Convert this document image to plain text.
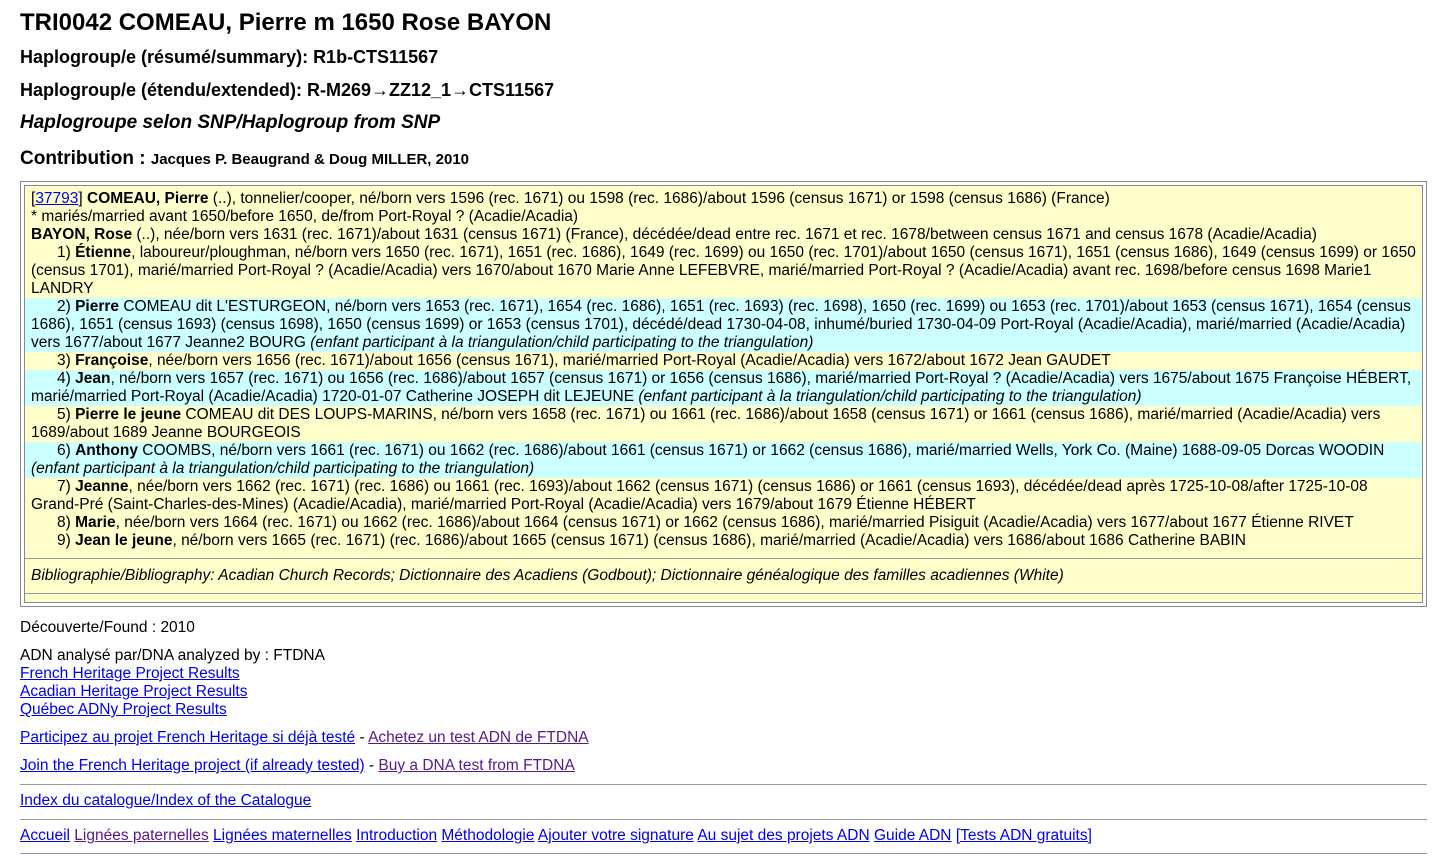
TRI0042 COMEAU, Pierre m 1650 Rose BAYON
Haplogroup/e (résumé/summary): R1b-CTS11567
Haplogroup/e (étendu/extended): R-M269→ZZ12_1→CTS11567
Haplogroupe selon SNP/Haplogroup from SNP
Contribution : Jacques P. Beaugrand & Doug MILLER, 2010
[37793] COMEAU, Pierre (..), tonnelier/cooper, né/born vers 1596 (rec. 1671) ou 1598 (rec. 1686)/about 1596 (census 1671) or 1598 (census 1686) (France)
* mariés/married avant 1650/before 1650, de/from Port-Royal ? (Acadie/Acadia)
BAYON, Rose (..), née/born vers 1631 (rec. 1671)/about 1631 (census 1671) (France), décédée/dead entre rec. 1671 et rec. 1678/between census 1671 and census 1678 (Acadie/Acadia)
1) Étienne, laboureur/ploughman, né/born vers 1650 (rec. 1671), 1651 (rec. 1686), 1649 (rec. 1699) ou 1650 (rec. 1701)/about 1650 (census 1671), 1651 (census 1686), 1649 (census 1699) or 1650 (census 1701), marié/married Port-Royal ? (Acadie/Acadia) vers 1670/about 1670 Marie Anne LEFEBVRE, marié/married Port-Royal ? (Acadie/Acadia) avant rec. 1698/before census 1698 Marie1 LANDRY
2) Pierre COMEAU dit L'ESTURGEON, né/born vers 1653 (rec. 1671), 1654 (rec. 1686), 1651 (rec. 1693) (rec. 1698), 1650 (rec. 1699) ou 1653 (rec. 1701)/about 1653 (census 1671), 1654 (census 1686), 1651 (census 1693) (census 1698), 1650 (census 1699) or 1653 (census 1701), décédé/dead 1730-04-08, inhumé/buried 1730-04-09 Port-Royal (Acadie/Acadia), marié/married (Acadie/Acadia) vers 1677/about 1677 Jeanne2 BOURG (enfant participant à la triangulation/child participating to the triangulation)
3) Françoise, née/born vers 1656 (rec. 1671)/about 1656 (census 1671), marié/married Port-Royal (Acadie/Acadia) vers 1672/about 1672 Jean GAUDET
4) Jean, né/born vers 1657 (rec. 1671) ou 1656 (rec. 1686)/about 1657 (census 1671) or 1656 (census 1686), marié/married Port-Royal ? (Acadie/Acadia) vers 1675/about 1675 Françoise HÉBERT, marié/married Port-Royal (Acadie/Acadia) 1720-01-07 Catherine JOSEPH dit LEJEUNE (enfant participant à la triangulation/child participating to the triangulation)
5) Pierre le jeune COMEAU dit DES LOUPS-MARINS, né/born vers 1658 (rec. 1671) ou 1661 (rec. 1686)/about 1658 (census 1671) or 1661 (census 1686), marié/married (Acadie/Acadia) vers 1689/about 1689 Jeanne BOURGEOIS
6) Anthony COOMBS, né/born vers 1661 (rec. 1671) ou 1662 (rec. 1686)/about 1661 (census 1671) or 1662 (census 1686), marié/married Wells, York Co. (Maine) 1688-09-05 Dorcas WOODIN (enfant participant à la triangulation/child participating to the triangulation)
7) Jeanne, née/born vers 1662 (rec. 1671) (rec. 1686) ou 1661 (rec. 1693)/about 1662 (census 1671) (census 1686) or 1661 (census 1693), décédée/dead après 1725-10-08/after 1725-10-08 Grand-Pré (Saint-Charles-des-Mines) (Acadie/Acadia), marié/married Port-Royal (Acadie/Acadia) vers 1679/about 1679 Étienne HÉBERT
8) Marie, née/born vers 1664 (rec. 1671) ou 1662 (rec. 1686)/about 1664 (census 1671) or 1662 (census 1686), marié/married Pisiguit (Acadie/Acadia) vers 1677/about 1677 Étienne RIVET
9) Jean le jeune, né/born vers 1665 (rec. 1671) (rec. 1686)/about 1665 (census 1671) (census 1686), marié/married (Acadie/Acadia) vers 1686/about 1686 Catherine BABIN
Bibliographie/Bibliography: Acadian Church Records; Dictionnaire des Acadiens (Godbout); Dictionnaire généalogique des familles acadiennes (White)
Découverte/Found : 2010
ADN analysé par/DNA analyzed by : FTDNA
French Heritage Project Results
Acadian Heritage Project Results
Québec ADNy Project Results
Participez au projet French Heritage si déjà testé - Achetez un test ADN de FTDNA
Join the French Heritage project (if already tested) - Buy a DNA test from FTDNA
Index du catalogue/Index of the Catalogue
Accueil Lignées paternelles Lignées maternelles Introduction Méthodologie Ajouter votre signature Au sujet des projets ADN Guide ADN [Tests ADN gratuits]
